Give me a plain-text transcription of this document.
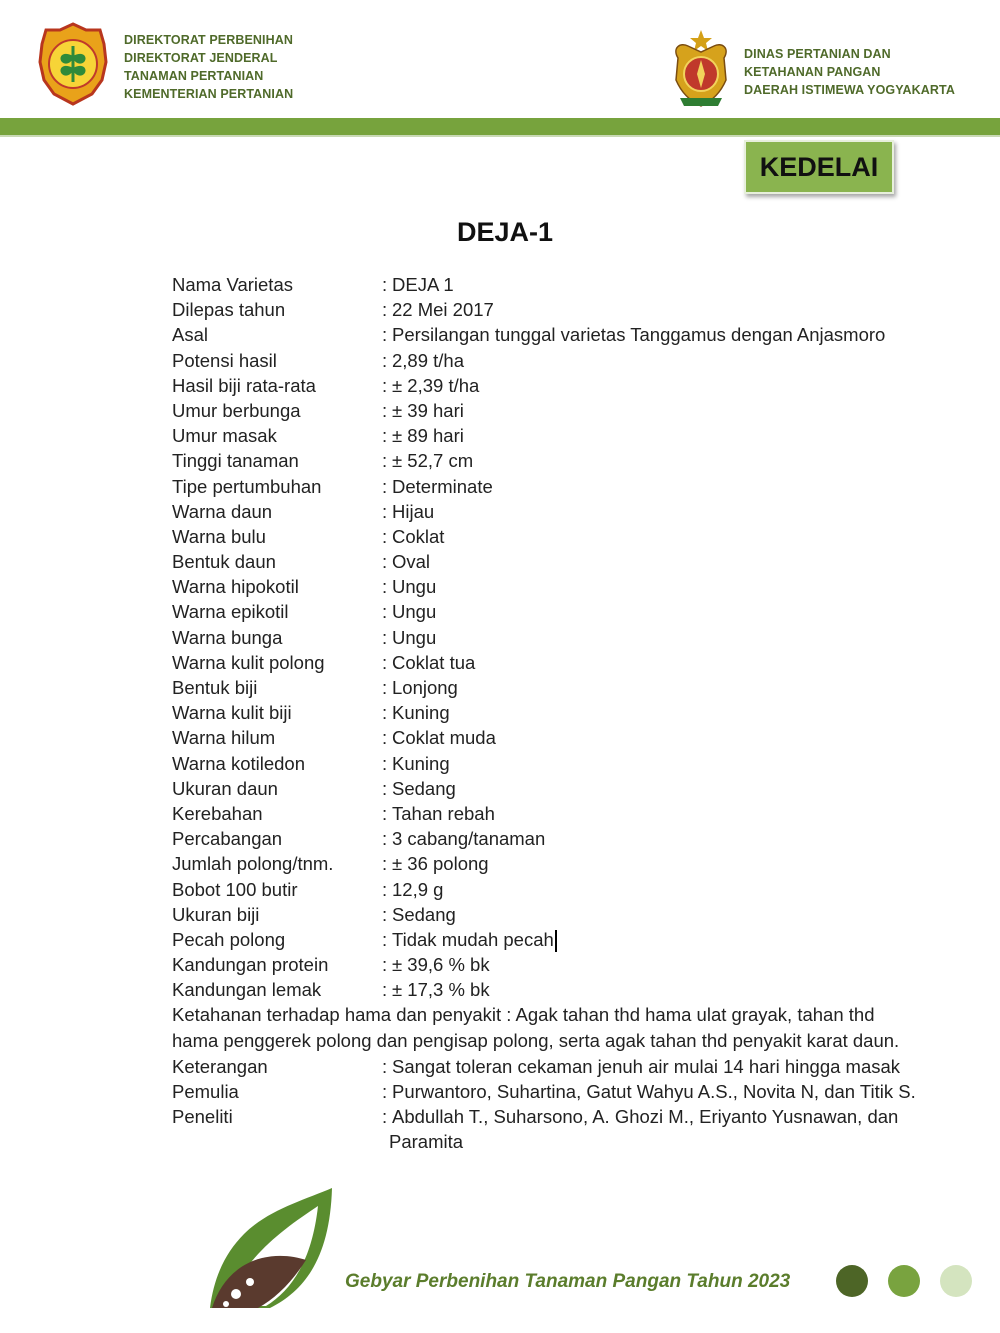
DIREKTORAT PERBENIHAN
DIREKTORAT JENDERAL
TANAMAN PERTANIAN
KEMENTERIAN PERTANIAN
DINAS PERTANIAN DAN
KETAHANAN PANGAN
DAERAH ISTIMEWA YOGYAKARTA
KEDELAI
DEJA-1
Nama Varietas	: DEJA 1
Dilepas tahun	: 22 Mei 2017
Asal	: Persilangan tunggal varietas Tanggamus dengan Anjasmoro
Potensi hasil	: 2,89 t/ha
Hasil biji rata-rata	: ± 2,39 t/ha
Umur berbunga	: ± 39 hari
Umur masak	: ± 89 hari
Tinggi tanaman	: ± 52,7 cm
Tipe pertumbuhan	: Determinate
Warna daun	: Hijau
Warna bulu	: Coklat
Bentuk daun	: Oval
Warna hipokotil	: Ungu
Warna epikotil	: Ungu
Warna bunga	: Ungu
Warna kulit polong	: Coklat tua
Bentuk biji	: Lonjong
Warna kulit biji	: Kuning
Warna hilum	: Coklat muda
Warna kotiledon	: Kuning
Ukuran daun	: Sedang
Kerebahan	: Tahan rebah
Percabangan	: 3 cabang/tanaman
Jumlah polong/tnm.	: ± 36 polong
Bobot 100 butir	: 12,9 g
Ukuran biji	: Sedang
Pecah polong	: Tidak mudah pecah
Kandungan protein	: ± 39,6 % bk
Kandungan lemak	: ± 17,3 % bk
Ketahanan terhadap hama dan penyakit : Agak tahan thd hama ulat grayak, tahan thd hama penggerek polong dan pengisap polong, serta agak tahan thd penyakit karat daun.
Keterangan	: Sangat toleran cekaman jenuh air mulai 14 hari hingga masak
Pemulia	: Purwantoro, Suhartina, Gatut Wahyu A.S., Novita N, dan Titik S.
Peneliti	: Abdullah T., Suharsono, A. Ghozi M., Eriyanto Yusnawan, dan
Paramita
Gebyar Perbenihan Tanaman Pangan Tahun 2023
